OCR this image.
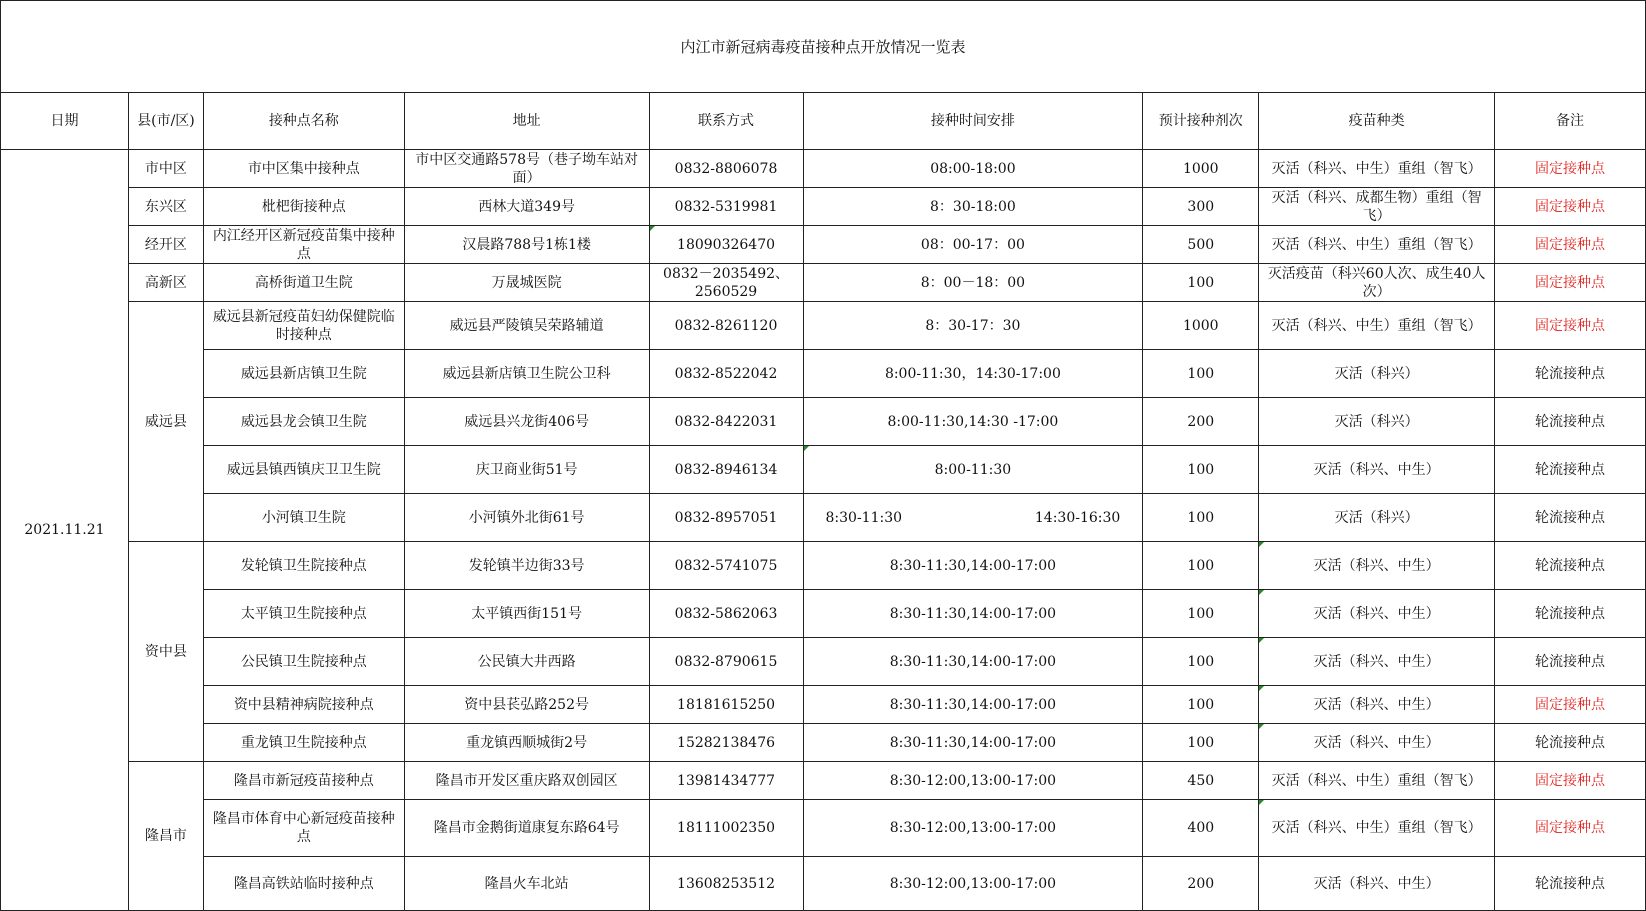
内江市新冠病毒疫苗接种点开放情况一览表								
日期	县(市/区)	接种点名称	地址	联系方式	接种时间安排	预计接种剂次	疫苗种类	备注
2021.11.21	市中区	市中区集中接种点	市中区交通路578号（巷子坳车站对面）	0832-8806078	08:00-18:00	1000	灭活（科兴、中生）重组（智飞）	固定接种点
	东兴区	枇杷街接种点	西林大道349号	0832-5319981	8：30-18:00	300	灭活（科兴、成都生物）重组（智飞）	固定接种点
	经开区	内江经开区新冠疫苗集中接种点	汉晨路788号1栋1楼	18090326470	08：00-17：00	500	灭活（科兴、中生）重组（智飞）	固定接种点
	高新区	高桥街道卫生院	万晟城医院	0832－2035492、2560529	8：00－18：00	100	灭活疫苗（科兴60人次、成生40人次）	固定接种点
	威远县	威远县新冠疫苗妇幼保健院临时接种点	威远县严陵镇吴荣路辅道	0832-8261120	8：30-17：30	1000	灭活（科兴、中生）重组（智飞）	固定接种点
		威远县新店镇卫生院	威远县新店镇卫生院公卫科	0832-8522042	8:00-11:30，14:30-17:00	100	灭活（科兴）	轮流接种点
		威远县龙会镇卫生院	威远县兴龙街406号	0832-8422031	8:00-11:30,14:30 -17:00	200	灭活（科兴）	轮流接种点
		威远县镇西镇庆卫卫生院	庆卫商业街51号	0832-8946134	8:00-11:30	100	灭活（科兴、中生）	轮流接种点
		小河镇卫生院	小河镇外北街61号	0832-8957051	8:30-11:30 14:30-16:30	100	灭活（科兴）	轮流接种点
	资中县	发轮镇卫生院接种点	发轮镇半边街33号	0832-5741075	8:30-11:30,14:00-17:00	100	灭活（科兴、中生）	轮流接种点
		太平镇卫生院接种点	太平镇西街151号	0832-5862063	8:30-11:30,14:00-17:00	100	灭活（科兴、中生）	轮流接种点
		公民镇卫生院接种点	公民镇大井西路	0832-8790615	8:30-11:30,14:00-17:00	100	灭活（科兴、中生）	轮流接种点
		资中县精神病院接种点	资中县苌弘路252号	18181615250	8:30-11:30,14:00-17:00	100	灭活（科兴、中生）	固定接种点
		重龙镇卫生院接种点	重龙镇西顺城街2号	15282138476	8:30-11:30,14:00-17:00	100	灭活（科兴、中生）	轮流接种点
	隆昌市	隆昌市新冠疫苗接种点	隆昌市开发区重庆路双创园区	13981434777	8:30-12:00,13:00-17:00	450	灭活（科兴、中生）重组（智飞）	固定接种点
		隆昌市体育中心新冠疫苗接种点	隆昌市金鹅街道康复东路64号	18111002350	8:30-12:00,13:00-17:00	400	灭活（科兴、中生）重组（智飞）	固定接种点
		隆昌高铁站临时接种点	隆昌火车北站	13608253512	8:30-12:00,13:00-17:00	200	灭活（科兴、中生）	轮流接种点
